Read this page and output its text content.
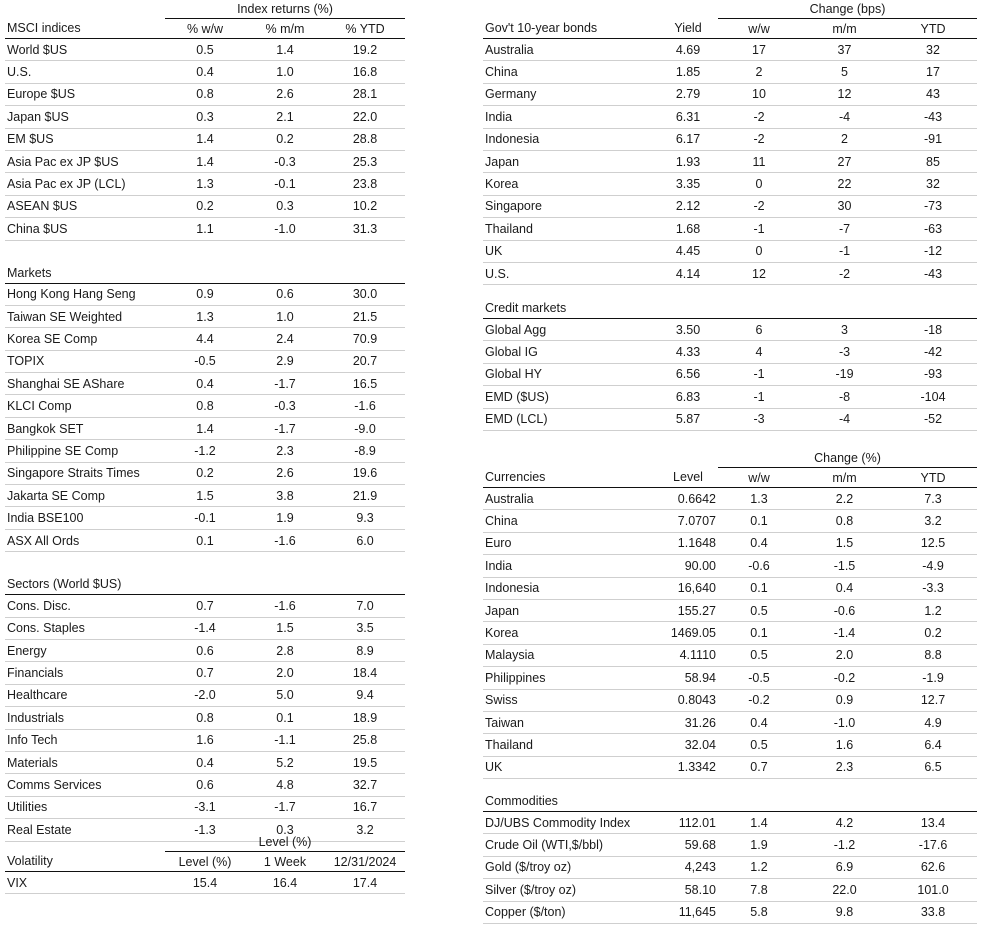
	Index returns (%)		
MSCI indices	% w/w	% m/m	% YTD
World $US	0.5	1.4	19.2
U.S.	0.4	1.0	16.8
Europe $US	0.8	2.6	28.1
Japan $US	0.3	2.1	22.0
EM $US	1.4	0.2	28.8
Asia Pac ex JP $US	1.4	-0.3	25.3
Asia Pac ex JP (LCL)	1.3	-0.1	23.8
ASEAN $US	0.2	0.3	10.2
China $US	1.1	-1.0	31.3

Markets			
Hong Kong Hang Seng	0.9	0.6	30.0
Taiwan SE Weighted	1.3	1.0	21.5
Korea SE Comp	4.4	2.4	70.9
TOPIX	-0.5	2.9	20.7
Shanghai SE AShare	0.4	-1.7	16.5
KLCI Comp	0.8	-0.3	-1.6
Bangkok SET	1.4	-1.7	-9.0
Philippine SE Comp	-1.2	2.3	-8.9
Singapore Straits Times	0.2	2.6	19.6
Jakarta SE Comp	1.5	3.8	21.9
India BSE100	-0.1	1.9	9.3
ASX All Ords	0.1	-1.6	6.0

Sectors (World $US)			
Cons. Disc.	0.7	-1.6	7.0
Cons. Staples	-1.4	1.5	3.5
Energy	0.6	2.8	8.9
Financials	0.7	2.0	18.4
Healthcare	-2.0	5.0	9.4
Industrials	0.8	0.1	18.9
Info Tech	1.6	-1.1	25.8
Materials	0.4	5.2	19.5
Comms Services	0.6	4.8	32.7
Utilities	-3.1	-1.7	16.7
Real Estate	-1.3	0.3	3.2
	Level (%)		
Volatility	Level (%)	1 Week	12/31/2024
VIX	15.4	16.4	17.4
		Change (bps)		
Gov't 10-year bonds	Yield	w/w	m/m	YTD
Australia	4.69	17	37	32
China	1.85	2	5	17
Germany	2.79	10	12	43
India	6.31	-2	-4	-43
Indonesia	6.17	-2	2	-91
Japan	1.93	11	27	85
Korea	3.35	0	22	32
Singapore	2.12	-2	30	-73
Thailand	1.68	-1	-7	-63
UK	4.45	0	-1	-12
U.S.	4.14	12	-2	-43
Credit markets				
Global Agg	3.50	6	3	-18
Global IG	4.33	4	-3	-42
Global HY	6.56	-1	-19	-93
EMD ($US)	6.83	-1	-8	-104
EMD (LCL)	5.87	-3	-4	-52
		Change (%)		
Currencies	Level	w/w	m/m	YTD
Australia	0.6642	1.3	2.2	7.3
China	7.0707	0.1	0.8	3.2
Euro	1.1648	0.4	1.5	12.5
India	90.00	-0.6	-1.5	-4.9
Indonesia	16,640	0.1	0.4	-3.3
Japan	155.27	0.5	-0.6	1.2
Korea	1469.05	0.1	-1.4	0.2
Malaysia	4.1110	0.5	2.0	8.8
Philippines	58.94	-0.5	-0.2	-1.9
Swiss	0.8043	-0.2	0.9	12.7
Taiwan	31.26	0.4	-1.0	4.9
Thailand	32.04	0.5	1.6	6.4
UK	1.3342	0.7	2.3	6.5
Commodities				
DJ/UBS Commodity Index	112.01	1.4	4.2	13.4
Crude Oil (WTI,$/bbl)	59.68	1.9	-1.2	-17.6
Gold ($/troy oz)	4,243	1.2	6.9	62.6
Silver ($/troy oz)	58.10	7.8	22.0	101.0
Copper ($/ton)	11,645	5.8	9.8	33.8
